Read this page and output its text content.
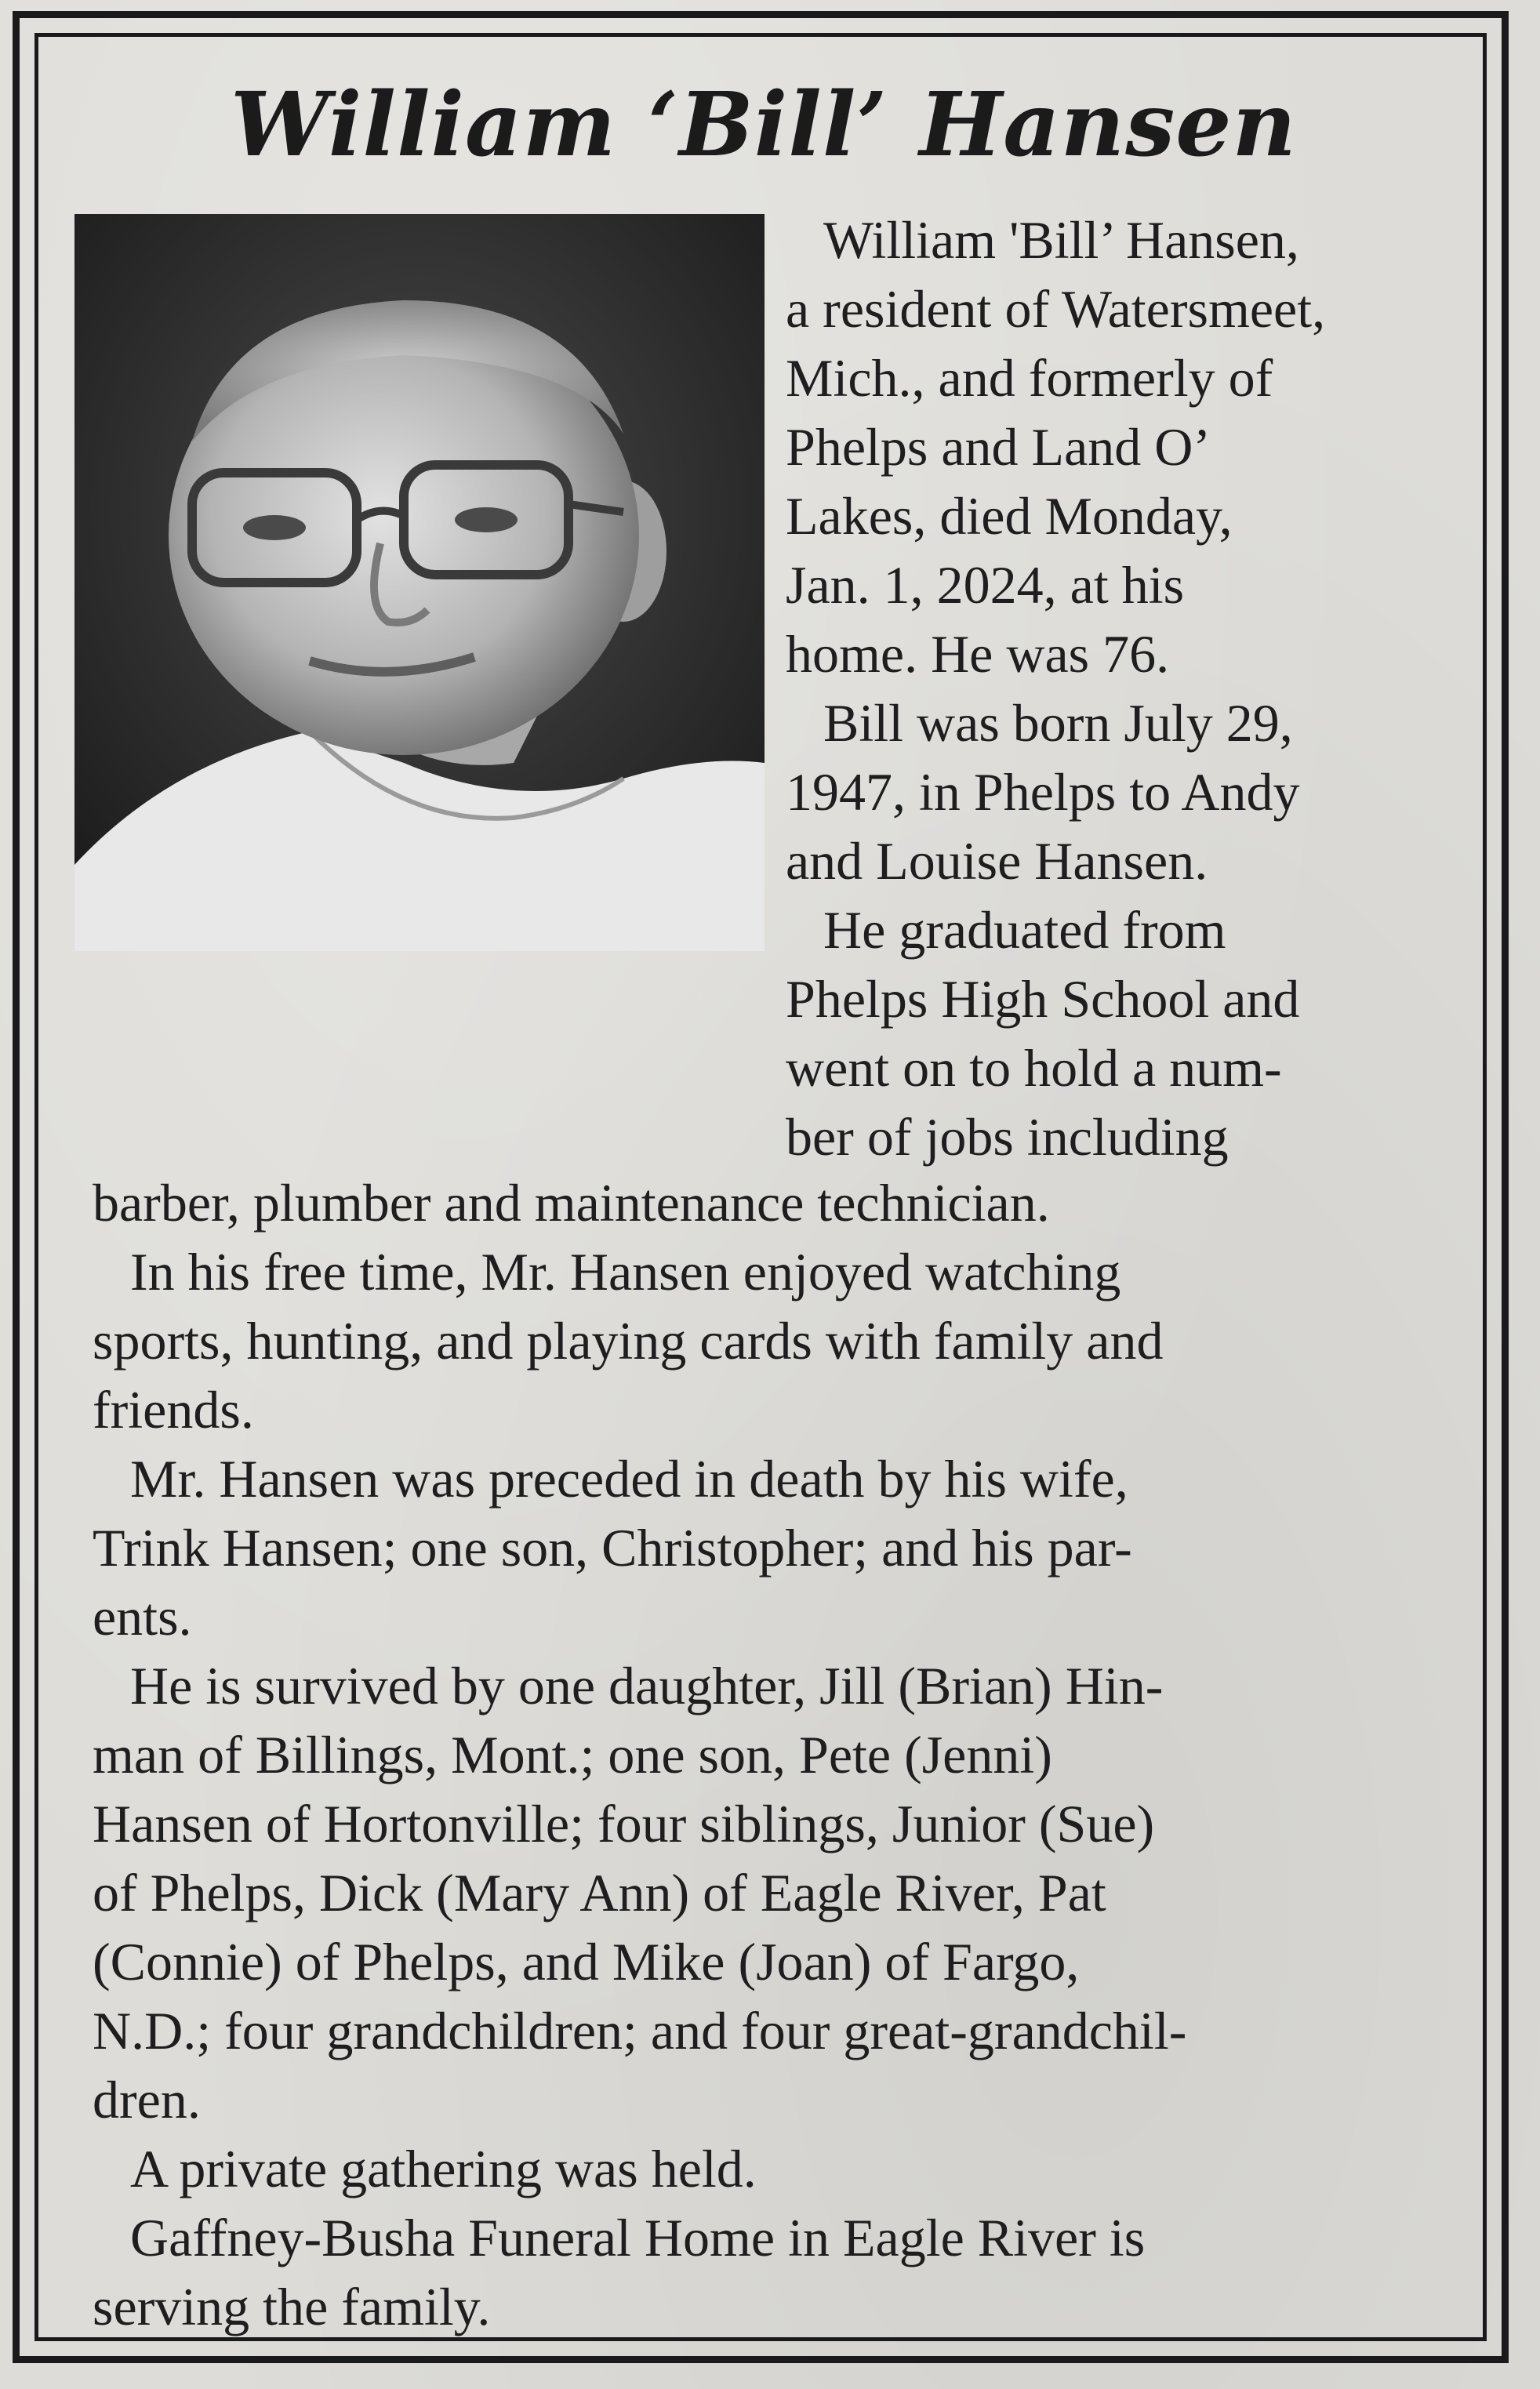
William ‘Bill’ Hansen
William 'Bill’ Hansen,
a resident of Watersmeet,
Mich., and formerly of
Phelps and Land O’
Lakes, died Monday,
Jan. 1, 2024, at his
home. He was 76.
Bill was born July 29,
1947, in Phelps to Andy
and Louise Hansen.
He graduated from
Phelps High School and
went on to hold a num-
ber of jobs including
barber, plumber and maintenance technician.
In his free time, Mr. Hansen enjoyed watching
sports, hunting, and playing cards with family and
friends.
Mr. Hansen was preceded in death by his wife,
Trink Hansen; one son, Christopher; and his par-
ents.
He is survived by one daughter, Jill (Brian) Hin-
man of Billings, Mont.; one son, Pete (Jenni)
Hansen of Hortonville; four siblings, Junior (Sue)
of Phelps, Dick (Mary Ann) of Eagle River, Pat
(Connie) of Phelps, and Mike (Joan) of Fargo,
N.D.; four grandchildren; and four great-grandchil-
dren.
A private gathering was held.
Gaffney-Busha Funeral Home in Eagle River is
serving the family.
